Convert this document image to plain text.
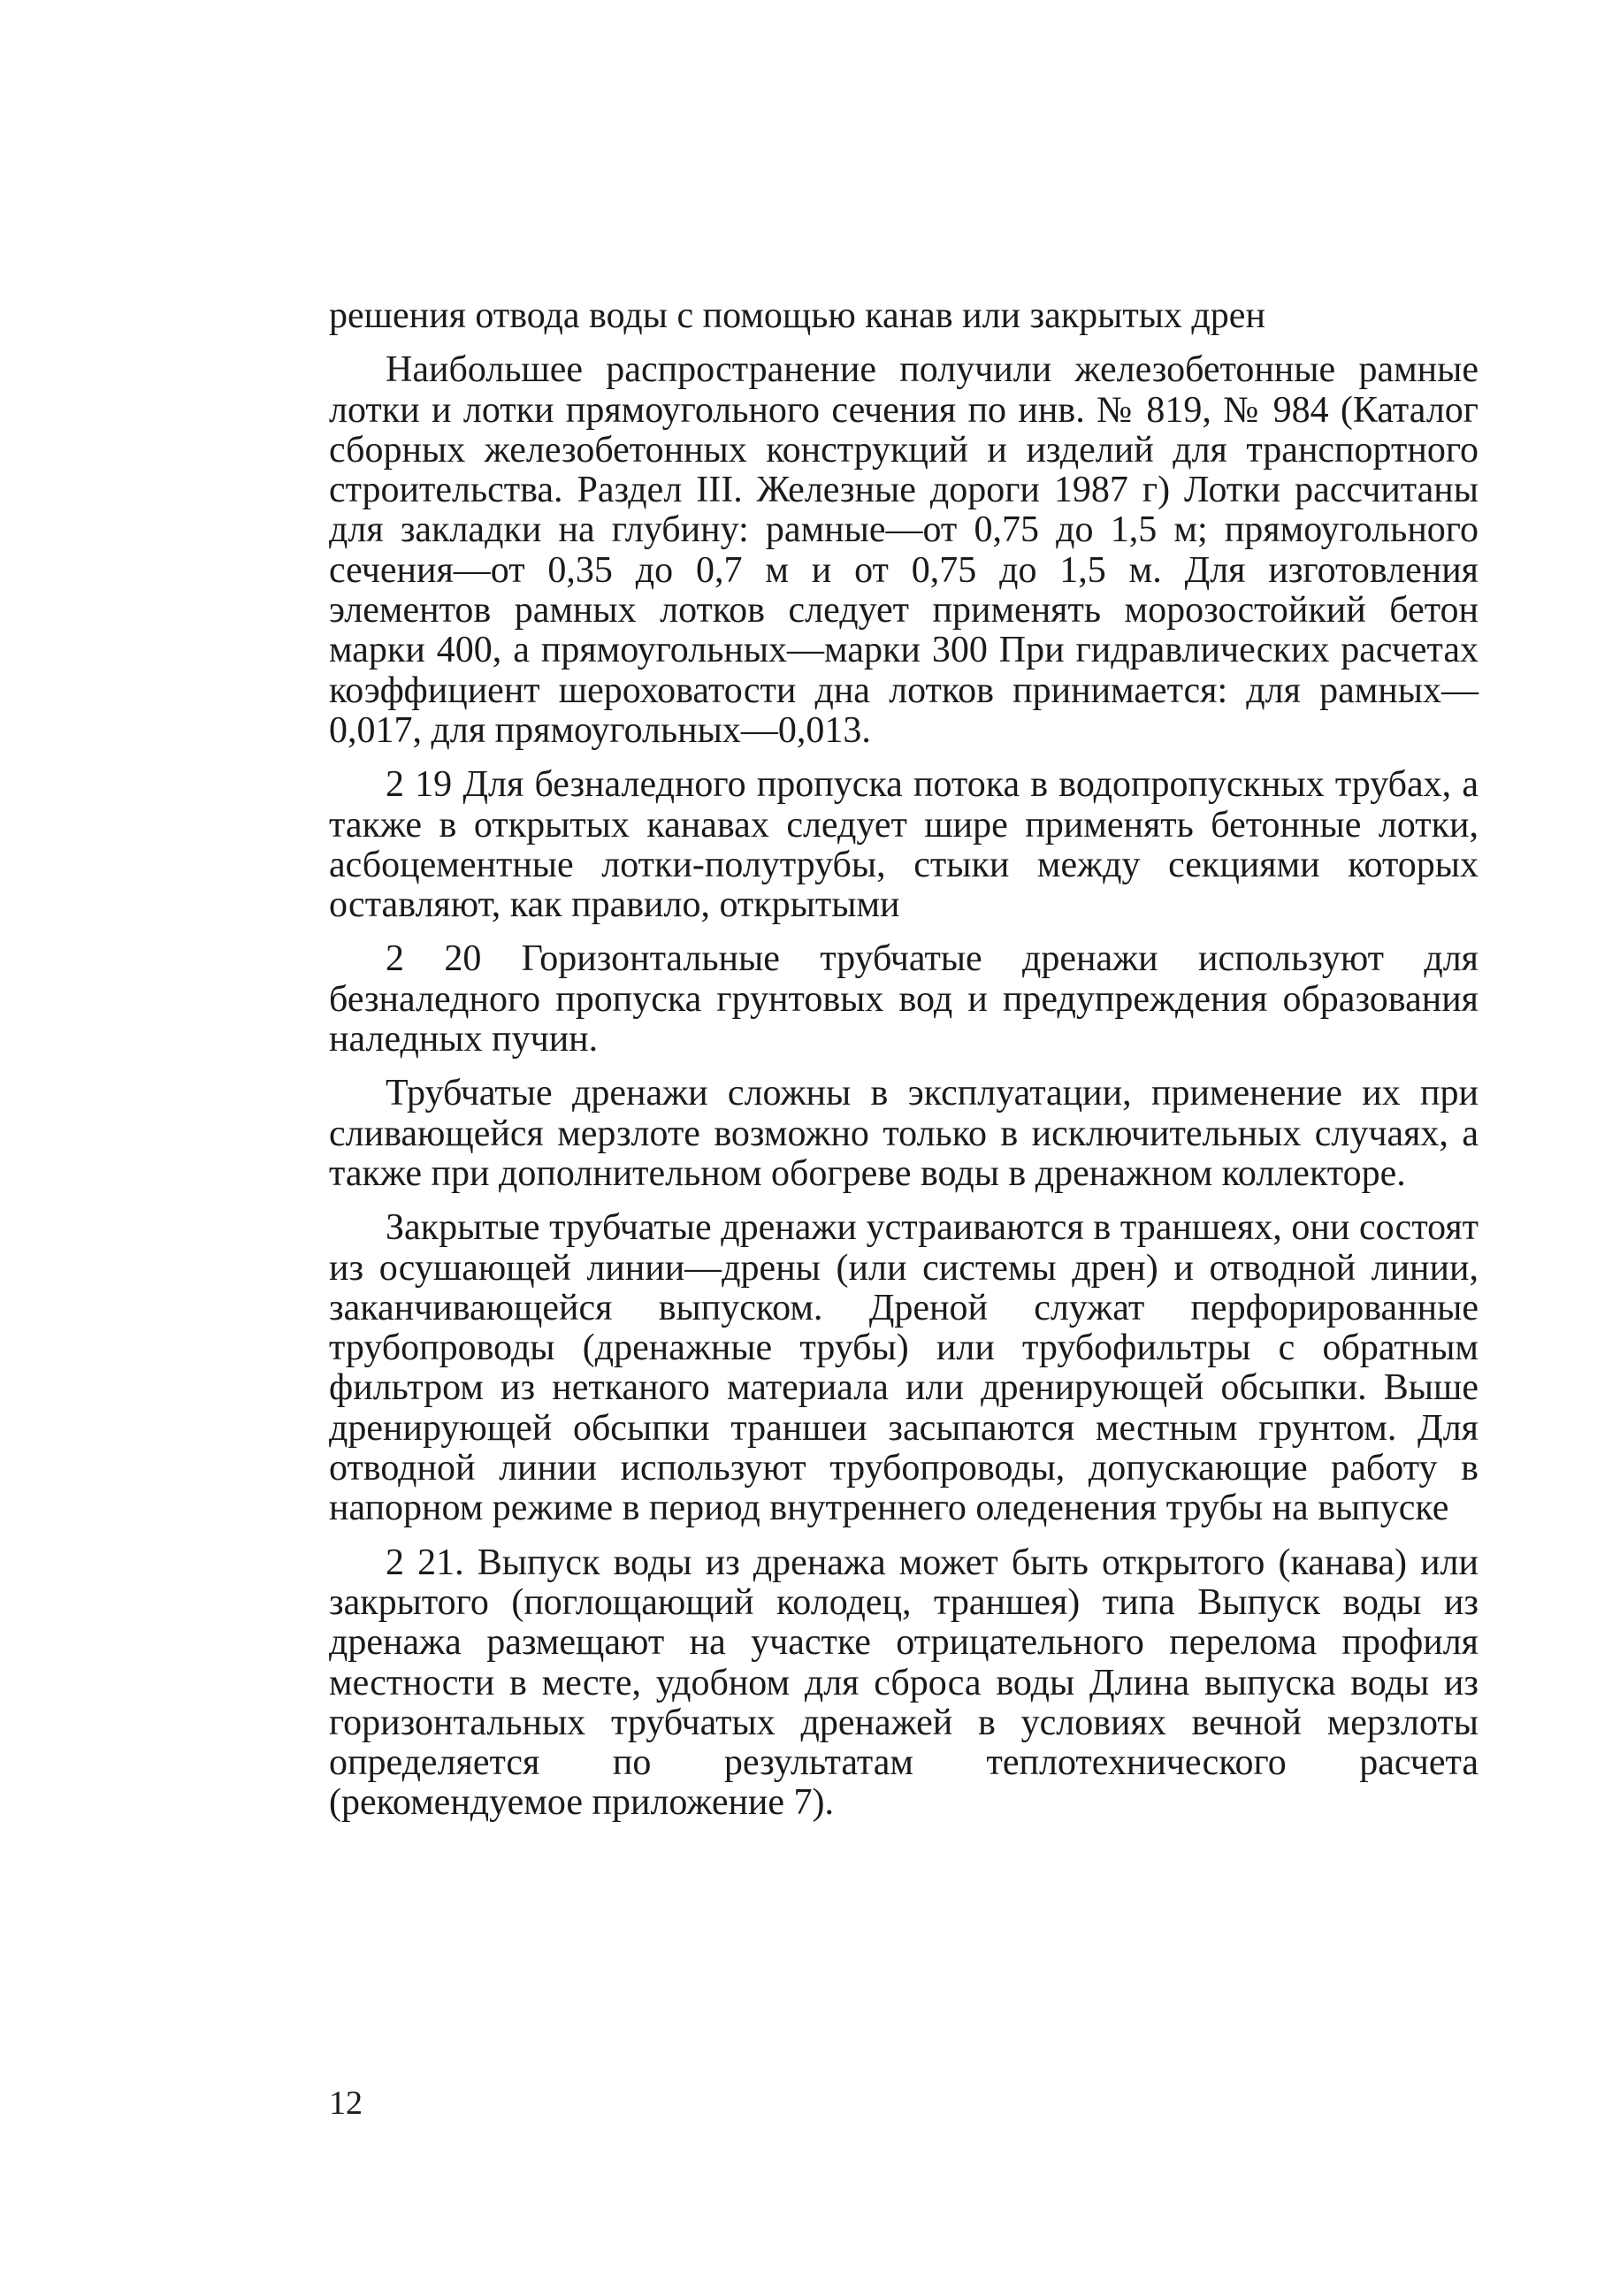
решения отвода воды с помощью канав или закрытых дрен

Наибольшее распространение получили железобетонные рамные лотки и лотки прямоугольного сечения по инв. № 819, № 984 (Каталог сборных железобетонных конструкций и изделий для транспортного строительства. Раздел III. Железные дороги 1987 г) Лотки рассчитаны для закладки на глубину: рамные—от 0,75 до 1,5 м; прямоугольного сечения—от 0,35 до 0,7 м и от 0,75 до 1,5 м. Для изготовления элементов рамных лотков следует применять морозостойкий бетон марки 400, а прямоугольных—марки 300 При гидравлических расчетах коэффициент шероховатости дна лотков принимается: для рамных—0,017, для прямоугольных—0,013.

2 19 Для безналедного пропуска потока в водопропускных трубах, а также в открытых канавах следует шире применять бетонные лотки, асбоцементные лотки-полутрубы, стыки между секциями которых оставляют, как правило, открытыми

2 20 Горизонтальные трубчатые дренажи используют для безналедного пропуска грунтовых вод и предупреждения образования наледных пучин.

Трубчатые дренажи сложны в эксплуатации, применение их при сливающейся мерзлоте возможно только в исключительных случаях, а также при дополнительном обогреве воды в дренажном коллекторе.

Закрытые трубчатые дренажи устраиваются в траншеях, они состоят из осушающей линии—дрены (или системы дрен) и отводной линии, заканчивающейся выпуском. Дреной служат перфорированные трубопроводы (дренажные трубы) или трубофильтры с обратным фильтром из нетканого материала или дренирующей обсыпки. Выше дренирующей обсыпки траншеи засыпаются местным грунтом. Для отводной линии используют трубопроводы, допускающие работу в напорном режиме в период внутреннего оледенения трубы на выпуске

2 21. Выпуск воды из дренажа может быть открытого (канава) или закрытого (поглощающий колодец, траншея) типа Выпуск воды из дренажа размещают на участке отрицательного перелома профиля местности в месте, удобном для сброса воды Длина выпуска воды из горизонтальных трубчатых дренажей в условиях вечной мерзлоты определяется по результатам теплотехнического расчета (рекомендуемое приложение 7).

12
